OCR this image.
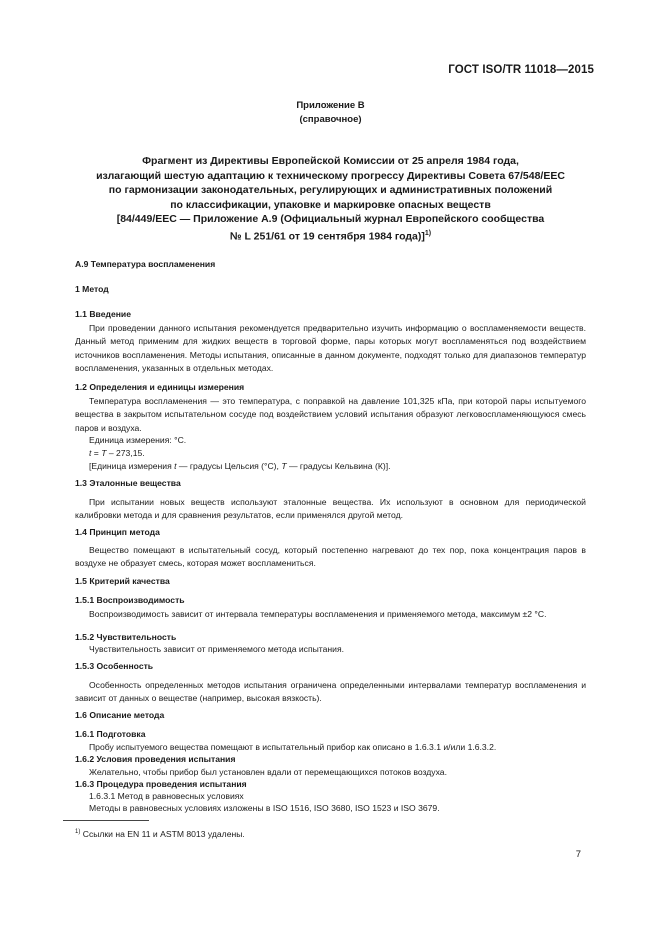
ГОСТ ISO/TR 11018—2015
Приложение В
(справочное)
Фрагмент из Директивы Европейской Комиссии от 25 апреля 1984 года,
излагающий шестую адаптацию к техническому прогрессу Директивы Совета 67/548/EEC
по гармонизации законодательных, регулирующих и административных положений
по классификации, упаковке и маркировке опасных веществ
[84/449/EEC — Приложение А.9 (Официальный журнал Европейского сообщества
№ L 251/61 от 19 сентября 1984 года)]$^{1)}$
А.9 Температура воспламенения
1 Метод
1.1 Введение
При проведении данного испытания рекомендуется предварительно изучить информацию о воспламеняемости веществ. Данный метод применим для жидких веществ в торговой форме, пары которых могут воспламеняться под воздействием источников воспламенения. Методы испытания, описанные в данном документе, подходят только для диапазонов температур воспламенения, указанных в отдельных методах.
1.2 Определения и единицы измерения
Температура воспламенения — это температура, с поправкой на давление 101,325 кПа, при которой пары испытуемого вещества в закрытом испытательном сосуде под воздействием условий испытания образуют легковоспламеняющуюся смесь паров и воздуха.
Единица измерения: °С.
t = T – 273,15.
[Единица измерения t — градусы Цельсия (°С), T — градусы Кельвина (К)].
1.3 Эталонные вещества
При испытании новых веществ используют эталонные вещества. Их используют в основном для периодической калибровки метода и для сравнения результатов, если применялся другой метод.
1.4 Принцип метода
Вещество помещают в испытательный сосуд, который постепенно нагревают до тех пор, пока концентрация паров в воздухе не образует смесь, которая может воспламениться.
1.5 Критерий качества
1.5.1 Воспроизводимость
Воспроизводимость зависит от интервала температуры воспламенения и применяемого метода, максимум ±2 °С.
1.5.2 Чувствительность
Чувствительность зависит от применяемого метода испытания.
1.5.3 Особенность
Особенность определенных методов испытания ограничена определенными интервалами температур воспламенения и зависит от данных о веществе (например, высокая вязкость).
1.6 Описание метода
1.6.1 Подготовка
Пробу испытуемого вещества помещают в испытательный прибор как описано в 1.6.3.1 и/или 1.6.3.2.
1.6.2 Условия проведения испытания
Желательно, чтобы прибор был установлен вдали от перемещающихся потоков воздуха.
1.6.3 Процедура проведения испытания
1.6.3.1 Метод в равновесных условиях
Методы в равновесных условиях изложены в ISO 1516, ISO 3680, ISO 1523 и ISO 3679.
$^{1)}$ Ссылки на EN 11 и ASTM 8013 удалены.
7
